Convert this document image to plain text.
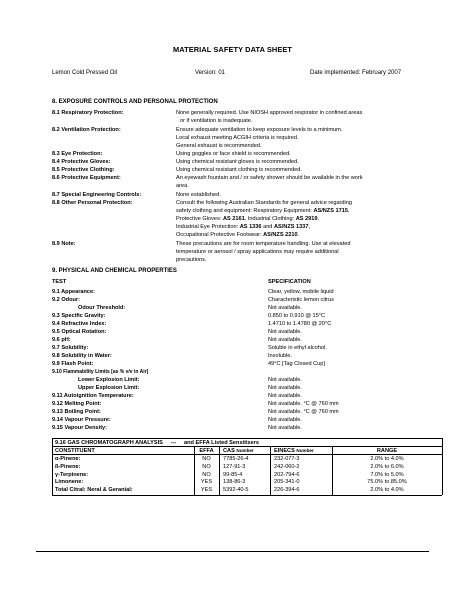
MATERIAL SAFETY DATA SHEET
Lemon Cold Pressed Oil	Version: 01	Date implemented: February 2007
8. EXPOSURE CONTROLS AND PERSONAL PROTECTION
8.1 Respiratory Protection:	None generally required. Use NIOSH approved respirator in confined areas
or if ventilation is inadequate.
8.2 Ventilation Protection:	Ensure adequate ventilation to keep exposure levels to a minimum.
Local exhaust meeting ACGIH criteria is required.
General exhaust is recommended.
8.3 Eye Protection:	Using goggles or face shield is recommended.
8.4 Protective Gloves:	Using chemical resistant gloves is recommended.
8.5 Protective Clothing:	Using chemical resistant clothing is recommended.
8.6 Protective Equipment:	An eyewash fountain and / or safety shower should be available in the work
area.
8.7 Special Engineering Controls:	None established.
8.8 Other Personal Protection:	Consult the following Australian Standards for general advice regarding
safety clothing and equipment: Respiratory Equipment: AS/NZS 1715,
Protective Gloves: AS 2161, Industrial Clothing: AS 2919,
Industrial Eye Protection: AS 1336 and AS/NZS 1337,
Occupational Protective Footwear: AS/NZS 2210.
8.9 Note:	These precautions are for room temperature handling. Use at elevated
temperature or aerosol / spray applications may require additional
precautions.
9. PHYSICAL AND CHEMICAL PROPERTIES
TEST	SPECIFICATION
9.1 Appearance:	Clear, yellow, mobile liquid
9.2 Odour:	Characteristic lemon citrus
Odour Threshold:	Not available.
9.3 Specific Gravity:	0.850 to 0.910 @ 15°C
9.4 Refractive Index:	1.4710 to 1.4780 @ 20°C
9.5 Optical Rotation:	Not available.
9.6 pH:	Not available.
9.7 Solubility:	Soluble in ethyl alcohol.
9.8 Solubility in Water:	Insoluble.
9.9 Flash Point:	49°C [Tag Closed Cup]
9.10 Flammability Limits [as % v/v in Air]
Lower Explosion Limit:	Not available.
Upper Explosion Limit:	Not available.
9.11 Autoignition Temperature:	Not available.
9.12 Melting Point:	Not available. °C @ 760 mm
9.13 Boiling Point:	Not available. °C @ 760 mm
9.14 Vapour Pressure:	Not available.
9.15 Vapour Density:	Not available.
9.16 GAS CHROMATOGRAPH ANALYSIS --- and EFFA Listed Sensitisers
CONSTITUENT	EFFA	CAS Number	EINECS Number	RANGE
α-Pinene:	NO	7785-26-4	232-077-3	2.0% to 4.0%
ß-Pinene:	NO	127-91-3	242-060-2	2.0% to 6.0%
γ-Terpinene:	NO	99-85-4	202-794-6	7.0% to 5.0%
Limonene:	YES	138-86-3	205-341-0	75.0% to 85.0%
Total Citral: Neral & Geranial:	YES	5392-40-5	226-394-6	2.0% to 4.0%
